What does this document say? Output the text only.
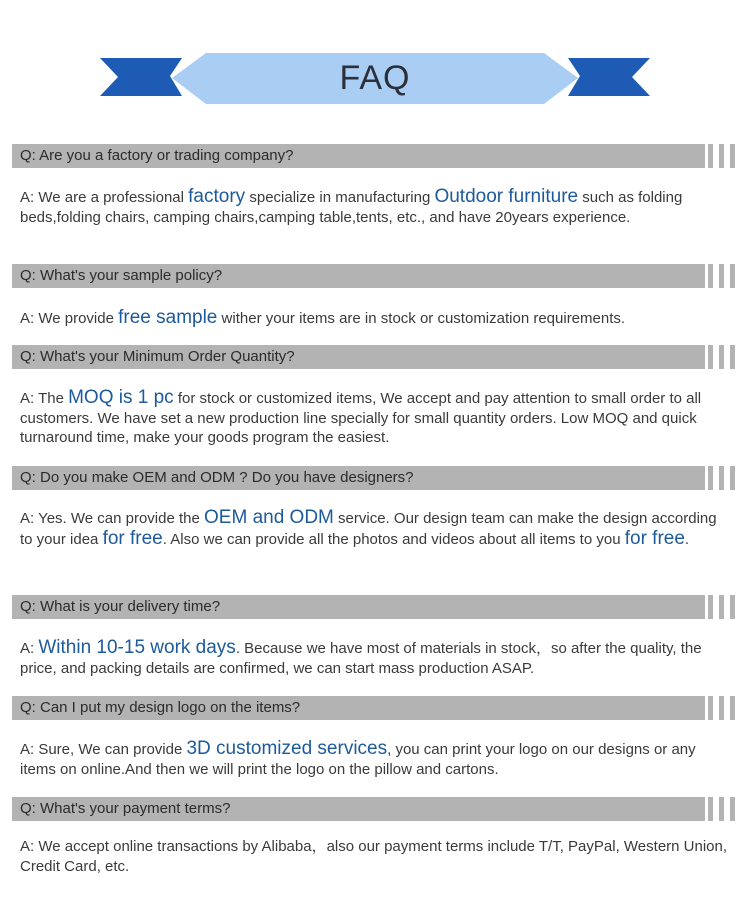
FAQ
Q: Are you a factory or trading company?
A: We are a professional factory specialize in manufacturing Outdoor furniture such as folding beds,folding chairs, camping chairs,camping table,tents, etc., and have 20years experience.
Q: What's your sample policy?
A: We provide free sample wither your items are in stock or customization requirements.
Q: What's your Minimum Order Quantity?
A: The MOQ is 1 pc for stock or customized items, We accept and pay attention to small order to all customers. We have set a new production line specially for small quantity orders. Low MOQ and quick turnaround time, make your goods program the easiest.
Q: Do you make OEM and ODM ? Do you have designers?
A: Yes. We can provide the OEM and ODM service. Our design team can make the design according to your idea for free. Also we can provide all the photos and videos about all items to you for free.
Q: What is your delivery time?
A: Within 10-15 work days. Because we have most of materials in stock，so after the quality, the price, and packing details are confirmed, we can start mass production ASAP.
Q: Can I put my design logo on the items?
A: Sure, We can provide 3D customized services, you can print your logo on our designs or any items on online.And then we will print the logo on the pillow and cartons.
Q: What's your payment terms?
A: We accept online transactions by Alibaba，also our payment terms include T/T, PayPal, Western Union, Credit Card, etc.
